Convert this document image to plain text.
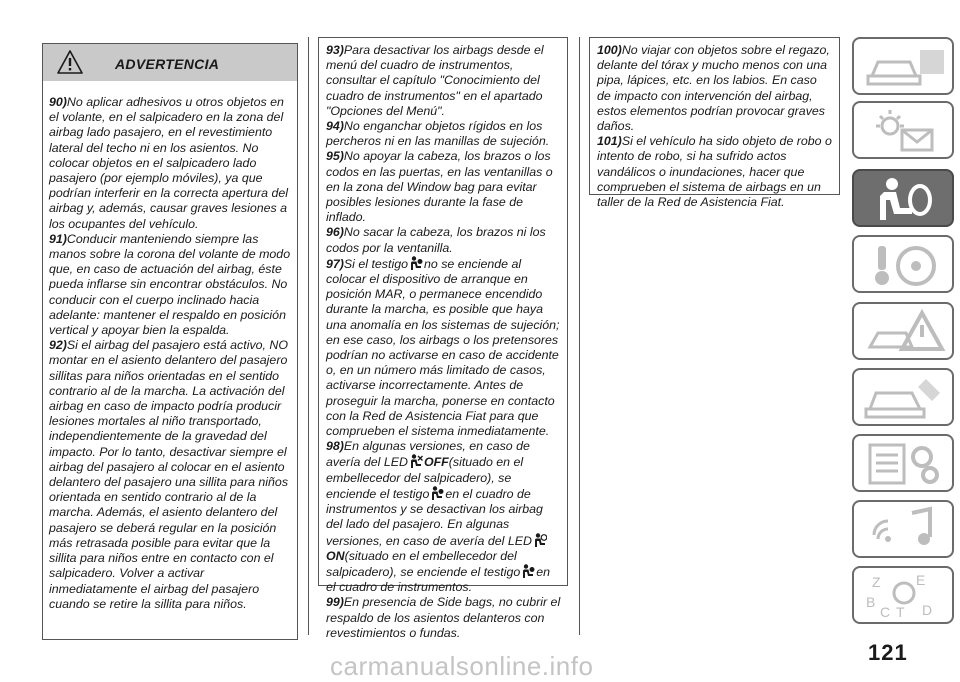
ADVERTENCIA

90)No aplicar adhesivos u otros objetos en el volante, en el salpicadero en la zona del airbag lado pasajero, en el revestimiento lateral del techo ni en los asientos. No colocar objetos en el salpicadero lado pasajero (por ejemplo móviles), ya que podrían interferir en la correcta apertura del airbag y, además, causar graves lesiones a los ocupantes del vehículo.

91)Conducir manteniendo siempre las manos sobre la corona del volante de modo que, en caso de actuación del airbag, éste pueda inflarse sin encontrar obstáculos. No conducir con el cuerpo inclinado hacia adelante: mantener el respaldo en posición vertical y apoyar bien la espalda.

92)Si el airbag del pasajero está activo, NO montar en el asiento delantero del pasajero sillitas para niños orientadas en el sentido contrario al de la marcha. La activación del airbag en caso de impacto podría producir lesiones mortales al niño transportado, independientemente de la gravedad del impacto. Por lo tanto, desactivar siempre el airbag del pasajero al colocar en el asiento delantero del pasajero una sillita para niños orientada en sentido contrario al de la marcha. Además, el asiento delantero del pasajero se deberá regular en la posición más retrasada posible para evitar que la sillita para niños entre en contacto con el salpicadero. Volver a activar inmediatamente el airbag del pasajero cuando se retire la sillita para niños.

93)Para desactivar los airbags desde el menú del cuadro de instrumentos, consultar el capítulo "Conocimiento del cuadro de instrumentos" en el apartado "Opciones del Menú".

94)No enganchar objetos rígidos en los percheros ni en las manillas de sujeción.

95)No apoyar la cabeza, los brazos o los codos en las puertas, en las ventanillas o en la zona del Window bag para evitar posibles lesiones durante la fase de inflado.

96)No sacar la cabeza, los brazos ni los codos por la ventanilla.

97)Si el testigo no se enciende al colocar el dispositivo de arranque en posición MAR, o permanece encendido durante la marcha, es posible que haya una anomalía en los sistemas de sujeción; en ese caso, los airbags o los pretensores podrían no activarse en caso de accidente o, en un número más limitado de casos, activarse incorrectamente. Antes de proseguir la marcha, ponerse en contacto con la Red de Asistencia Fiat para que comprueben el sistema inmediatamente.

98)En algunas versiones, en caso de avería del LED OFF(situado en el embellecedor del salpicadero), se enciende el testigo en el cuadro de instrumentos y se desactivan los airbag del lado del pasajero. En algunas versiones, en caso de avería del LEDON(situado en el embellecedor del salpicadero), se enciende el testigo en el cuadro de instrumentos.

99)En presencia de Side bags, no cubrir el respaldo de los asientos delanteros con revestimientos o fundas.

100)No viajar con objetos sobre el regazo, delante del tórax y mucho menos con una pipa, lápices, etc. en los labios. En caso de impacto con intervención del airbag, estos elementos podrían provocar graves daños.

101)Si el vehículo ha sido objeto de robo o intento de robo, si ha sufrido actos vandálicos o inundaciones, hacer que comprueben el sistema de airbags en un taller de la Red de Asistencia Fiat.

Z	E
B
C T D
121
carmanualsonline.info
